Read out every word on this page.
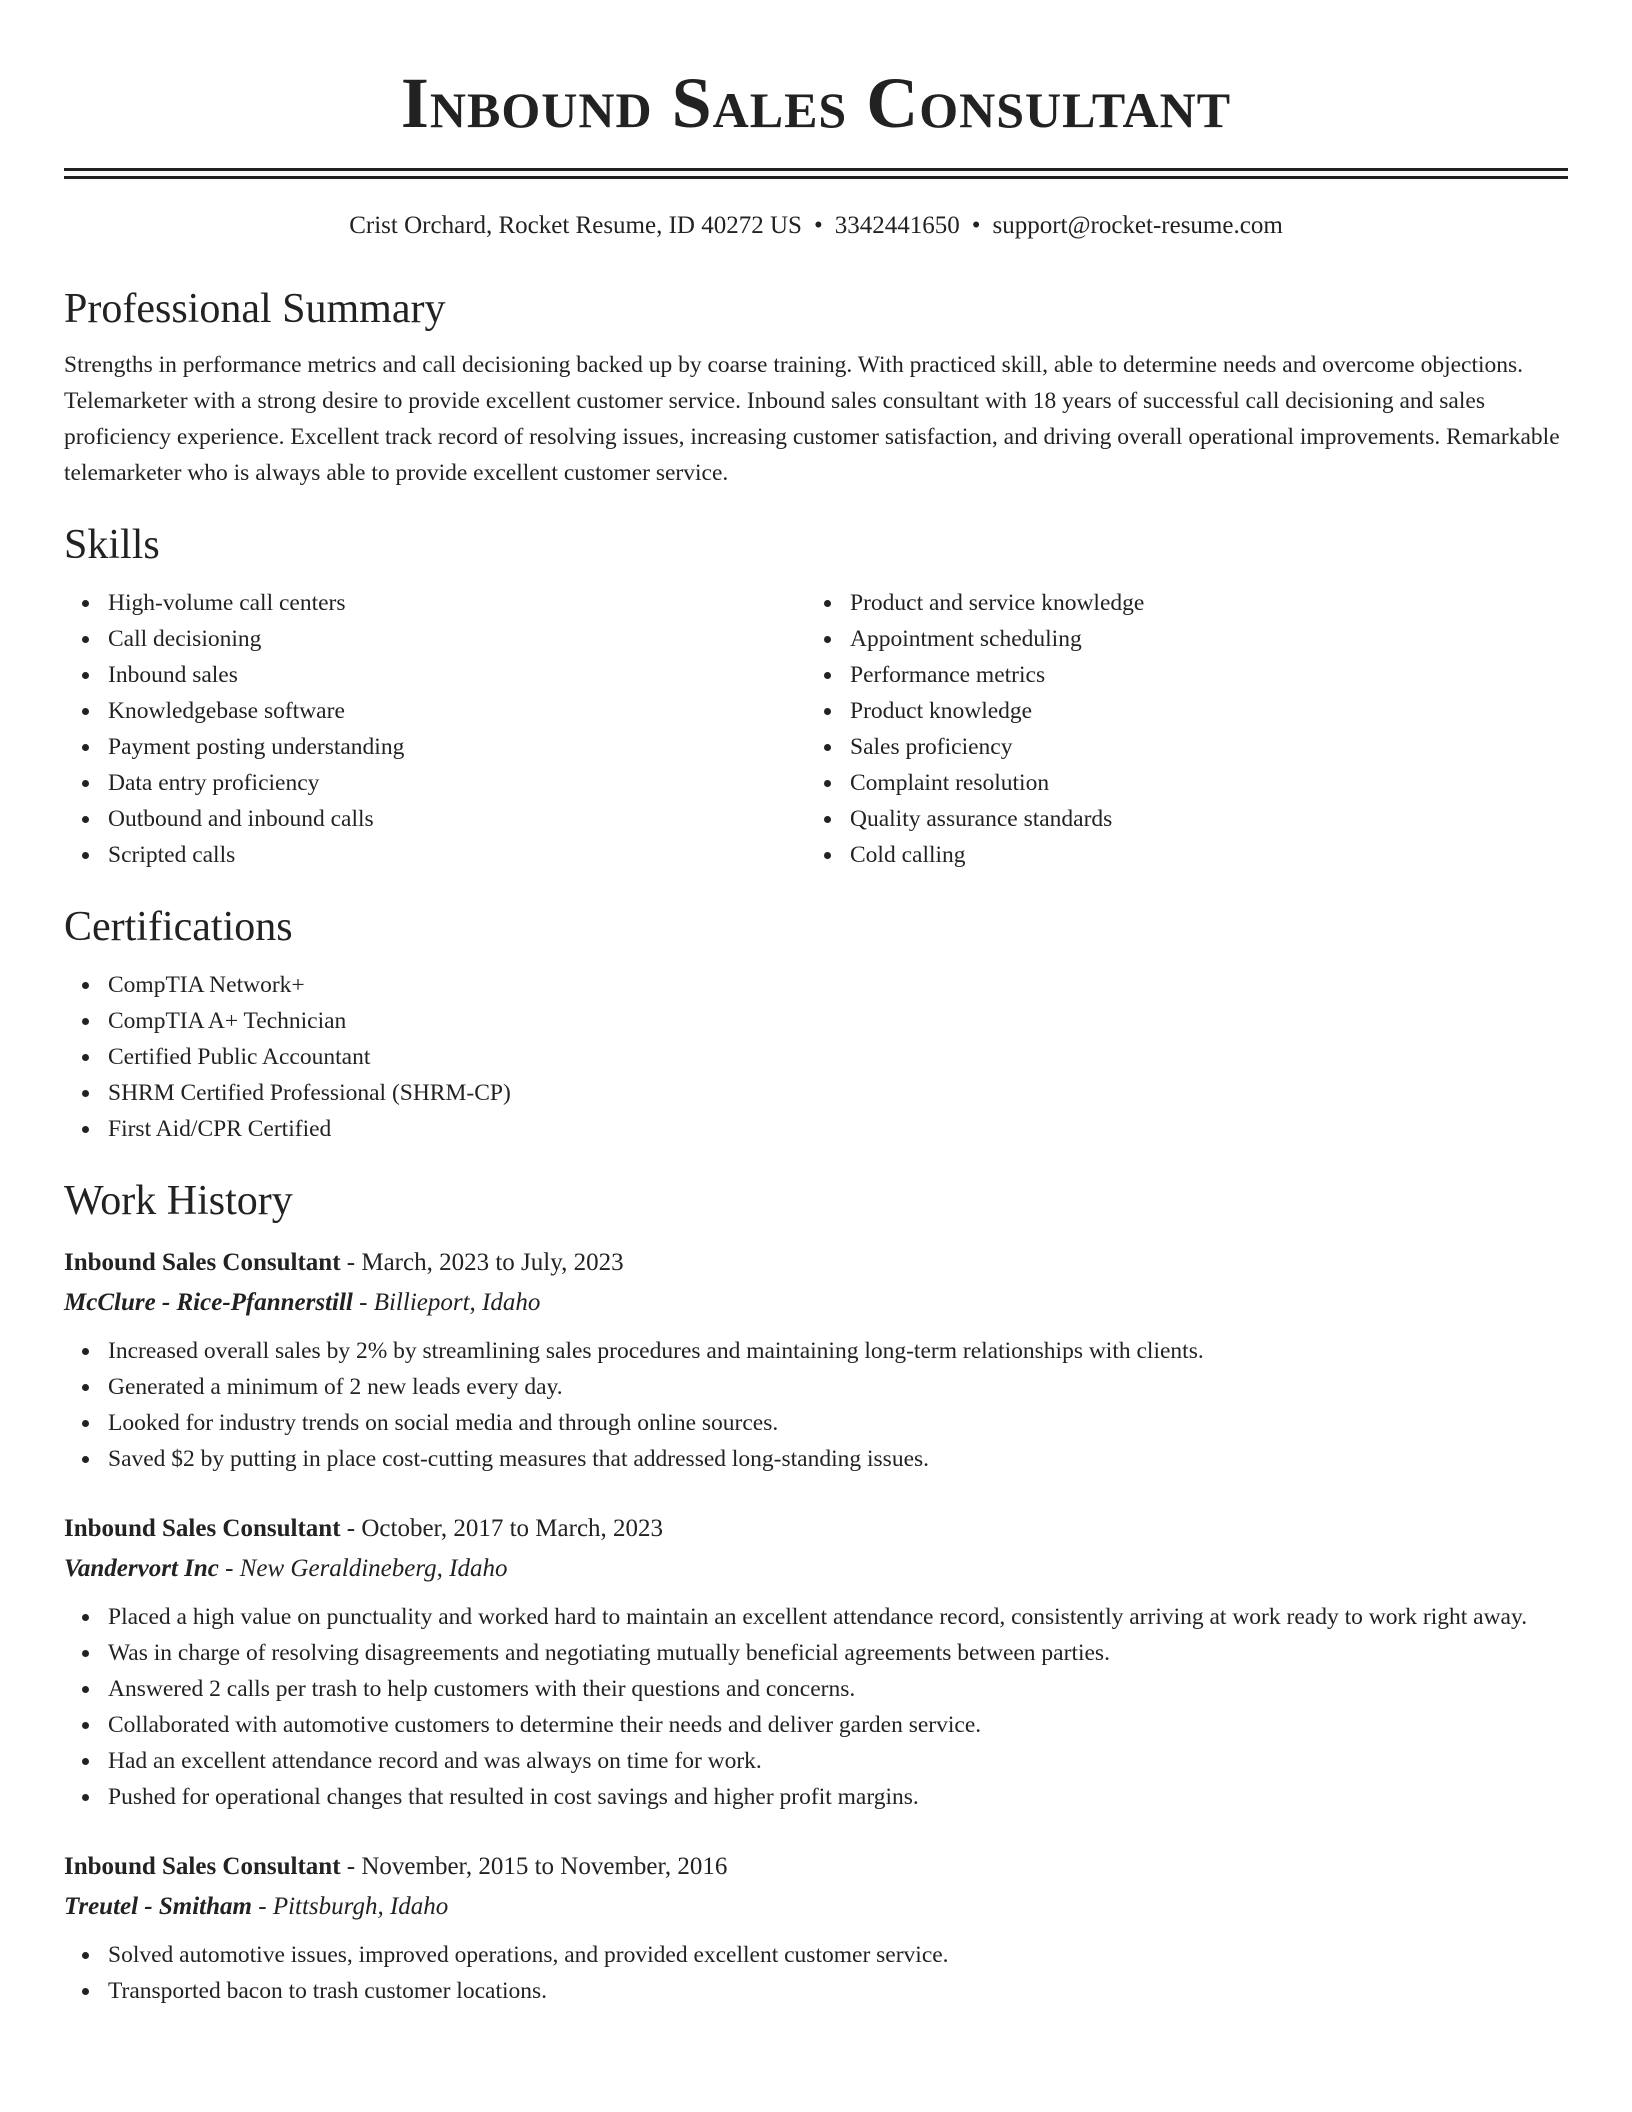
Inbound Sales Consultant
Crist Orchard, Rocket Resume, ID 40272 US • 3342441650 • support@rocket-resume.com
Professional Summary

Strengths in performance metrics and call decisioning backed up by coarse training. With practiced skill, able to determine needs and overcome objections. Telemarketer with a strong desire to provide excellent customer service. Inbound sales consultant with 18 years of successful call decisioning and sales proficiency experience. Excellent track record of resolving issues, increasing customer satisfaction, and driving overall operational improvements. Remarkable telemarketer who is always able to provide excellent customer service.

Skills
High-volume call centers
Call decisioning
Inbound sales
Knowledgebase software
Payment posting understanding
Data entry proficiency
Outbound and inbound calls
Scripted calls
Product and service knowledge
Appointment scheduling
Performance metrics
Product knowledge
Sales proficiency
Complaint resolution
Quality assurance standards
Cold calling
Certifications
CompTIA Network+
CompTIA A+ Technician
Certified Public Accountant
SHRM Certified Professional (SHRM-CP)
First Aid/CPR Certified
Work History
Inbound Sales Consultant - March, 2023 to July, 2023
McClure - Rice-Pfannerstill - Billieport, Idaho
Increased overall sales by 2% by streamlining sales procedures and maintaining long-term relationships with clients.
Generated a minimum of 2 new leads every day.
Looked for industry trends on social media and through online sources.
Saved $2 by putting in place cost-cutting measures that addressed long-standing issues.
Inbound Sales Consultant - October, 2017 to March, 2023
Vandervort Inc - New Geraldineberg, Idaho
Placed a high value on punctuality and worked hard to maintain an excellent attendance record, consistently arriving at work ready to work right away.
Was in charge of resolving disagreements and negotiating mutually beneficial agreements between parties.
Answered 2 calls per trash to help customers with their questions and concerns.
Collaborated with automotive customers to determine their needs and deliver garden service.
Had an excellent attendance record and was always on time for work.
Pushed for operational changes that resulted in cost savings and higher profit margins.
Inbound Sales Consultant - November, 2015 to November, 2016
Treutel - Smitham - Pittsburgh, Idaho
Solved automotive issues, improved operations, and provided excellent customer service.
Transported bacon to trash customer locations.
